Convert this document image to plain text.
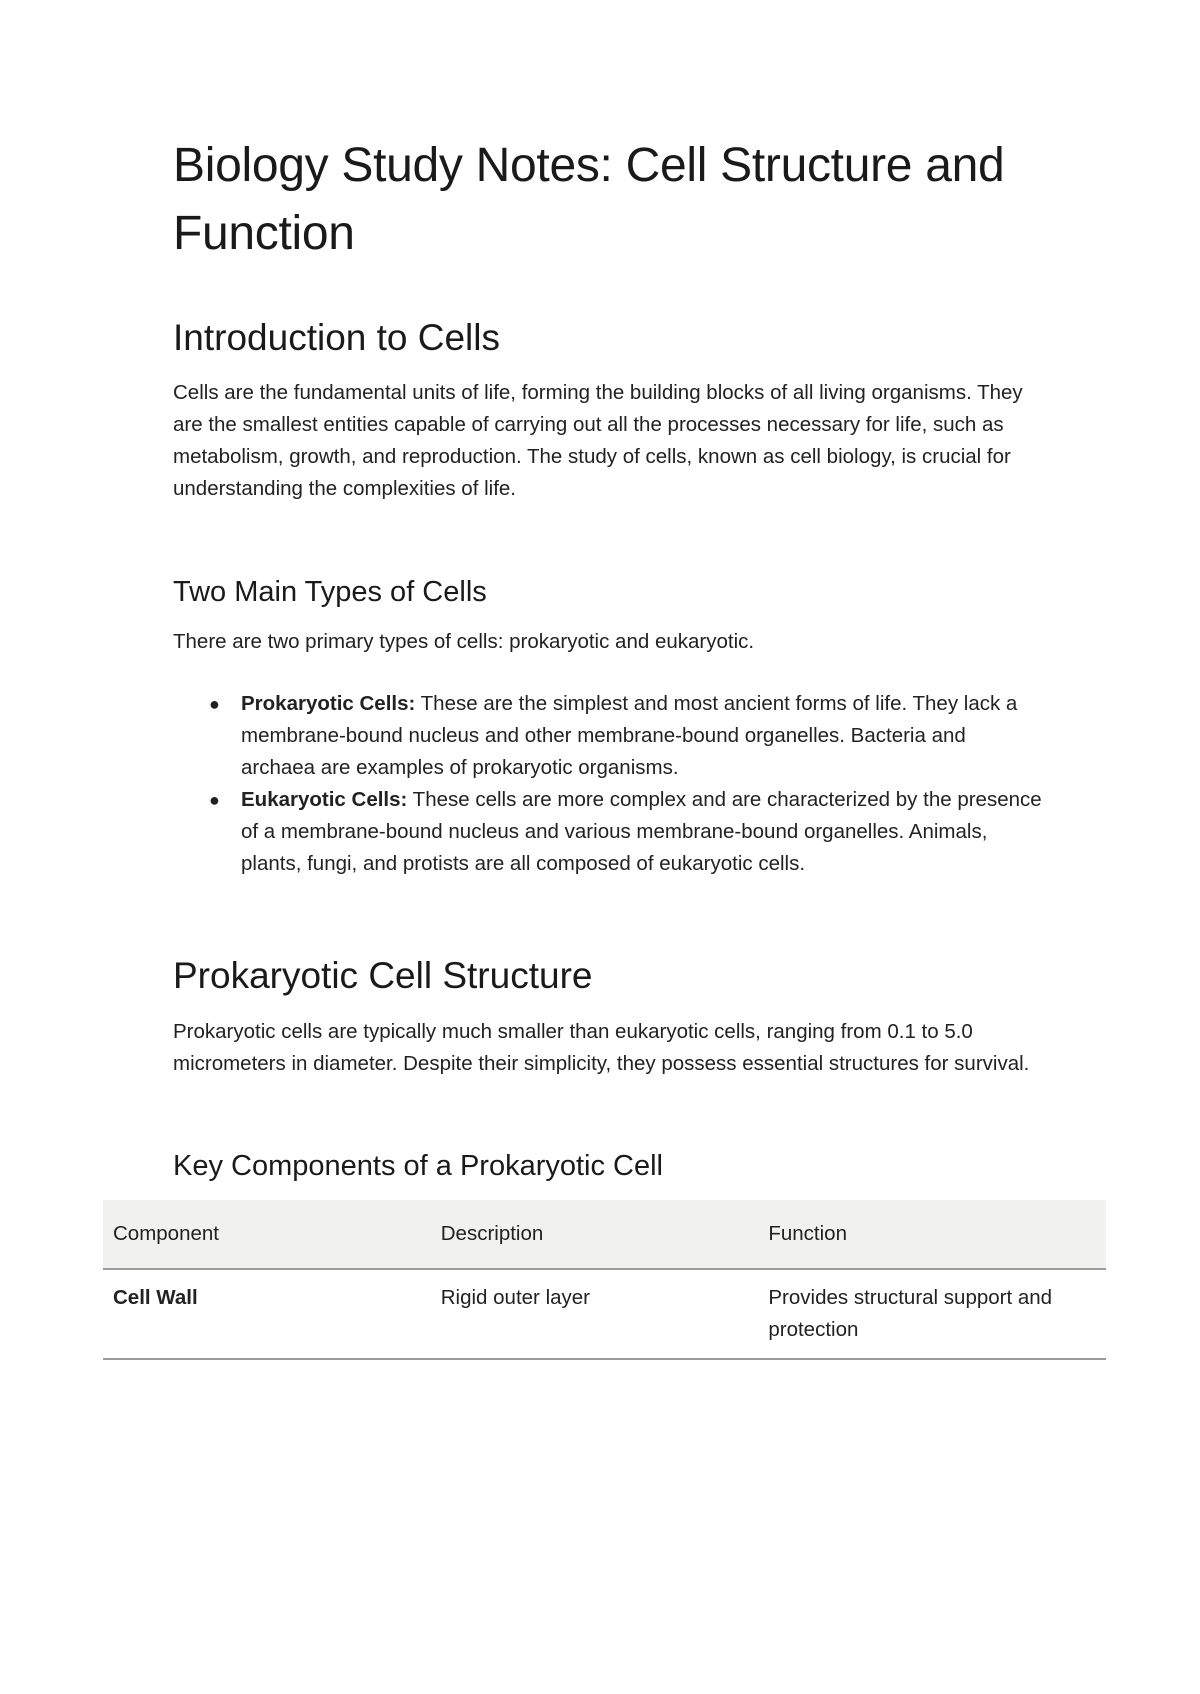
Biology Study Notes: Cell Structure and Function
Introduction to Cells

Cells are the fundamental units of life, forming the building blocks of all living organisms. They are the smallest entities capable of carrying out all the processes necessary for life, such as metabolism, growth, and reproduction. The study of cells, known as cell biology, is crucial for understanding the complexities of life.

Two Main Types of Cells

There are two primary types of cells: prokaryotic and eukaryotic.

● Prokaryotic Cells: These are the simplest and most ancient forms of life. They lack a membrane-bound nucleus and other membrane-bound organelles. Bacteria and archaea are examples of prokaryotic organisms.
● Eukaryotic Cells: These cells are more complex and are characterized by the presence of a membrane-bound nucleus and various membrane-bound organelles. Animals, plants, fungi, and protists are all composed of eukaryotic cells.
Prokaryotic Cell Structure

Prokaryotic cells are typically much smaller than eukaryotic cells, ranging from 0.1 to 5.0 micrometers in diameter. Despite their simplicity, they possess essential structures for survival.

Key Components of a Prokaryotic Cell
Component	Description	Function
Cell Wall	Rigid outer layer	Provides structural support and protection
